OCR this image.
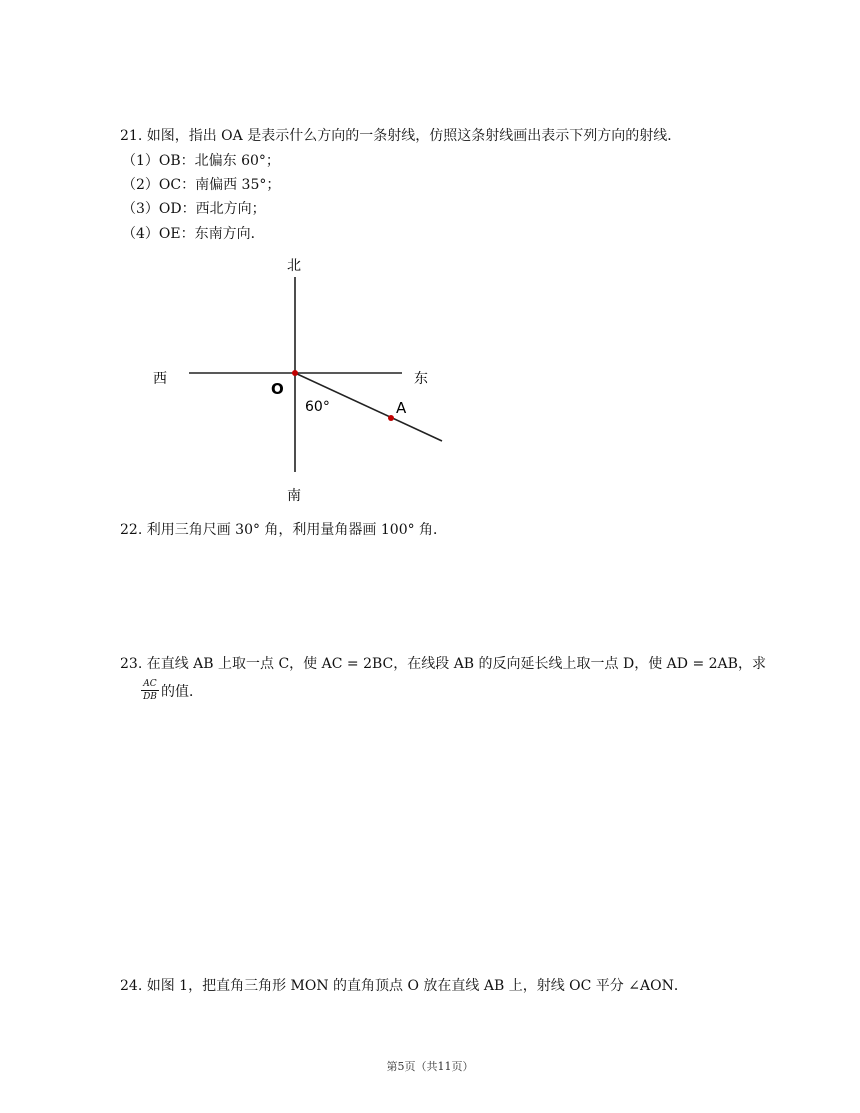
21. 如图，指出 OA 是表示什么方向的一条射线，仿照这条射线画出表示下列方向的射线．
（1）OB：北偏东 60°；
（2）OC：南偏西 35°；
（3）OD：西北方向；
（4）OE：东南方向．
北
南
西	东
O
A
60°
22. 利用三角尺画 30° 角，利用量角器画 100° 角．
23. 在直线 AB 上取一点 C，使 AC = 2BC，在线段 AB 的反向延长线上取一点 D，使 AD = 2AB，求
AC
DB 的值．
24. 如图 1，把直角三角形 MON 的直角顶点 O 放在直线 AB 上，射线 OC 平分 ∠AON．
第5页（共11页）
